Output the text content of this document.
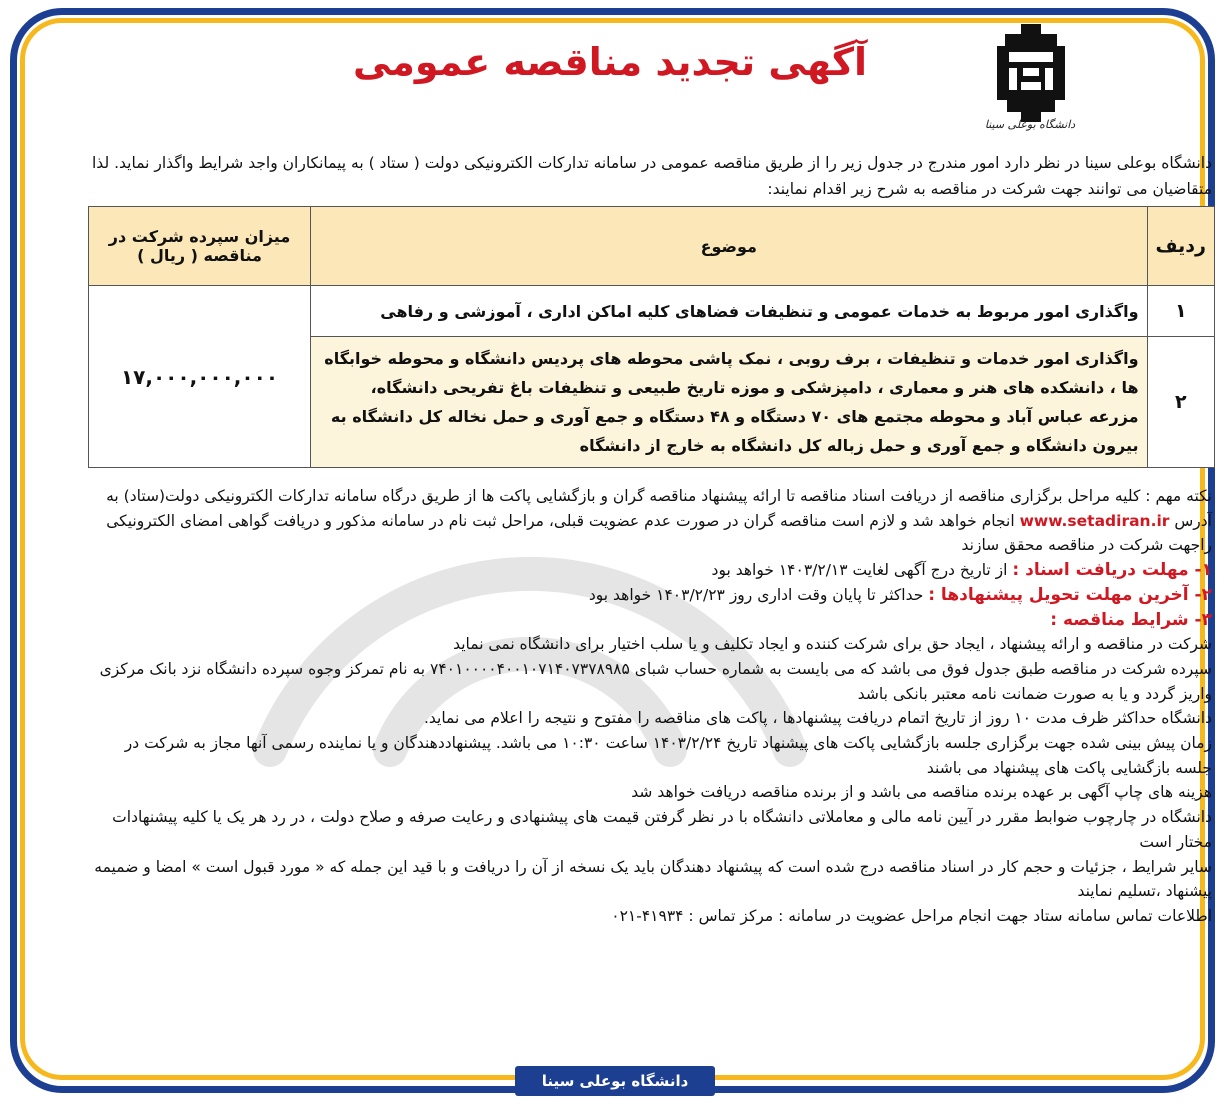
دانشگاه بوعلی سینا
آگهی تجدید مناقصه عمومی
دانشگاه بوعلی سینا در نظر دارد امور مندرج در جدول زیر را از طریق مناقصه عمومی در سامانه تدارکات الکترونیکی دولت ( ستاد ) به پیمانکاران واجد شرایط واگذار نماید. لذا متقاضیان می توانند جهت شرکت در مناقصه به شرح زیر اقدام نمایند:
ردیف	موضوع	میزان سپرده شرکت در مناقصه ( ریال )
۱	واگذاری امور مربوط به خدمات عمومی و تنظیفات فضاهای کلیه اماکن اداری ، آموزشی و رفاهی	۱۷,۰۰۰,۰۰۰,۰۰۰
۲	واگذاری امور خدمات و تنظیفات ، برف روبی ، نمک پاشی محوطه های پردیس دانشگاه و محوطه خوابگاه ها ، دانشکده های هنر و معماری ، دامپزشکی و موزه تاریخ طبیعی و تنظیفات باغ تفریحی دانشگاه، مزرعه عباس آباد و محوطه مجتمع های ۷۰ دستگاه و ۴۸ دستگاه و جمع آوری و حمل نخاله کل دانشگاه به بیرون دانشگاه و جمع آوری و حمل زباله کل دانشگاه به خارج از دانشگاه	

نکته مهم : کلیه مراحل برگزاری مناقصه از دریافت اسناد مناقصه تا ارائه پیشنهاد مناقصه گران و بازگشایی پاکت ها از طریق درگاه سامانه تدارکات الکترونیکی دولت(ستاد) به آدرس www.setadiran.ir انجام خواهد شد و لازم است مناقصه گران در صورت عدم عضویت قبلی، مراحل ثبت نام در سامانه مذکور و دریافت گواهی امضای الکترونیکی راجهت شرکت در مناقصه محقق سازند

۱- مهلت دریافت اسناد : از تاریخ درج آگهی لغایت ۱۴۰۳/۲/۱۳ خواهد بود

۲- آخرین مهلت تحویل پیشنهادها : حداکثر تا پایان وقت اداری روز ۱۴۰۳/۲/۲۳ خواهد بود

۳- شرایط مناقصه :

شرکت در مناقصه و ارائه پیشنهاد ، ایجاد حق برای شرکت کننده و ایجاد تکلیف و یا سلب اختیار برای دانشگاه نمی نماید

سپرده شرکت در مناقصه طبق جدول فوق می باشد که می بایست به شماره حساب شبای ۷۴۰۱۰۰۰۰۴۰۰۱۰۷۱۴۰۷۳۷۸۹۸۵ به نام تمرکز وجوه سپرده دانشگاه نزد بانک مرکزی واریز گردد و یا به صورت ضمانت نامه معتبر بانکی باشد

دانشگاه حداکثر ظرف مدت ۱۰ روز از تاریخ اتمام دریافت پیشنهادها ، پاکت های مناقصه را مفتوح و نتیجه را اعلام می نماید.

زمان پیش بینی شده جهت برگزاری جلسه بازگشایی پاکت های پیشنهاد تاریخ ۱۴۰۳/۲/۲۴ ساعت ۱۰:۳۰ می باشد. پیشنهاددهندگان و یا نماینده رسمی آنها مجاز به شرکت در جلسه بازگشایی پاکت های پیشنهاد می باشند

هزینه های چاپ آگهی بر عهده برنده مناقصه می باشد و از برنده مناقصه دریافت خواهد شد

دانشگاه در چارچوب ضوابط مقرر در آیین نامه مالی و معاملاتی دانشگاه با در نظر گرفتن قیمت های پیشنهادی و رعایت صرفه و صلاح دولت ، در رد هر یک یا کلیه پیشنهادات مختار است

سایر شرایط ، جزئیات و حجم کار در اسناد مناقصه درج شده است که پیشنهاد دهندگان باید یک نسخه از آن را دریافت و با قید این جمله که « مورد قبول است » امضا و ضمیمه پیشنهاد ،تسلیم نمایند

اطلاعات تماس سامانه ستاد جهت انجام مراحل عضویت در سامانه : مرکز تماس : ۴۱۹۳۴-۰۲۱

دانشگاه بوعلی سینا
